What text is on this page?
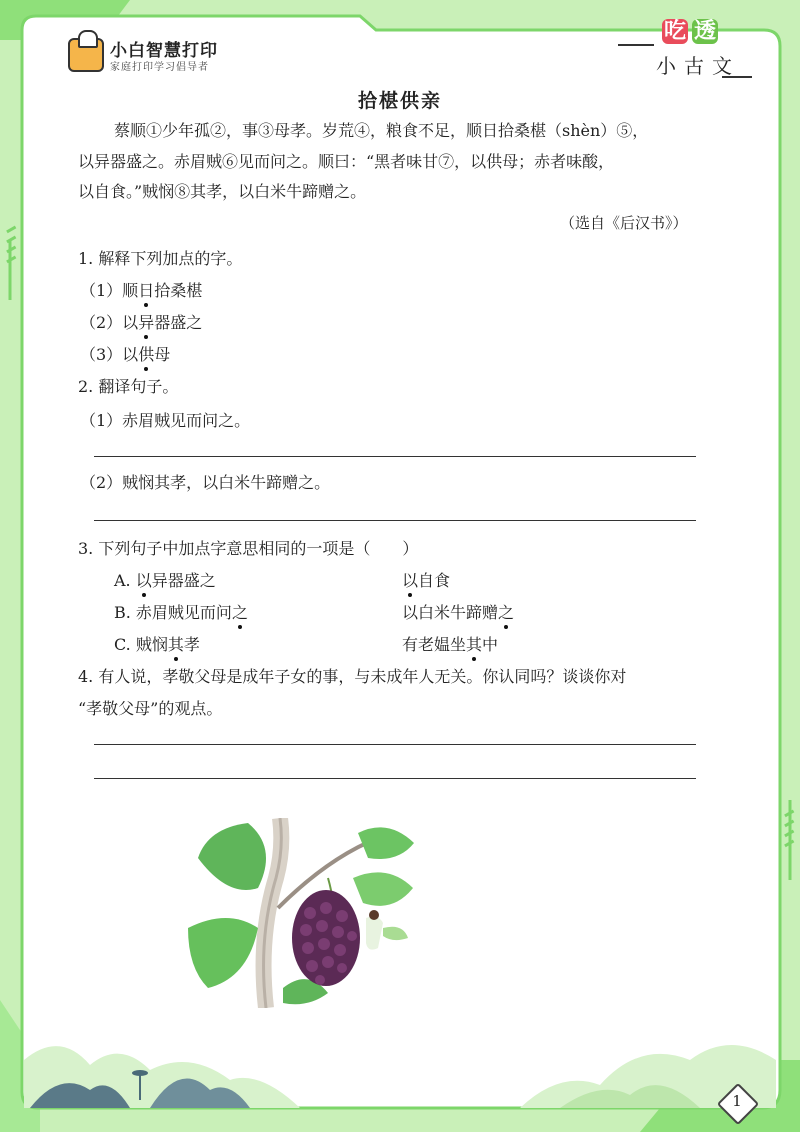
小白智慧打印
家庭打印学习倡导者
吃 透
小古文
拾椹供亲

蔡顺①少年孤②，事③母孝。岁荒④，粮食不足，顺日拾桑椹（shèn）⑤，

以异器盛之。赤眉贼⑥见而问之。顺曰：“黑者味甘⑦，以供母；赤者味酸，

以自食。”贼悯⑧其孝，以白米牛蹄赠之。

（选自《后汉书》）
1. 解释下列加点的字。
（1）顺日拾桑椹
（2）以异器盛之
（3）以供母
2. 翻译句子。
（1）赤眉贼见而问之。
（2）贼悯其孝，以白米牛蹄赠之。
3. 下列句子中加点字意思相同的一项是（　　）
A. 以异器盛之	以自食
B. 赤眉贼见而问之	以白米牛蹄赠之
C. 贼悯其孝	有老媪坐其中
4. 有人说，孝敬父母是成年子女的事，与未成年人无关。你认同吗？谈谈你对
“孝敬父母”的观点。
1
